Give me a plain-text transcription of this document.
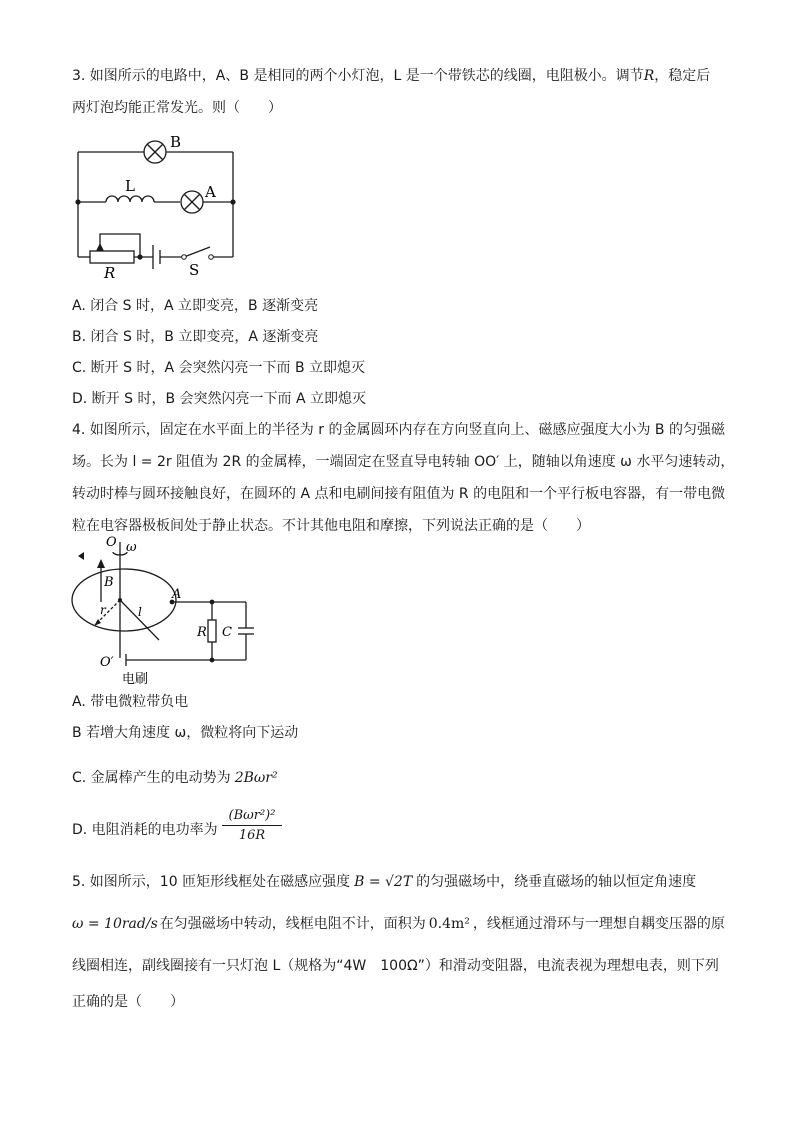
3. 如图所示的电路中，A、B 是相同的两个小灯泡，L 是一个带铁芯的线圈，电阻极小。调节R，稳定后
两灯泡均能正常发光。则（　　）
B
L	A
R	S
A. 闭合 S 时，A 立即变亮，B 逐渐变亮
B. 闭合 S 时，B 立即变亮，A 逐渐变亮
C. 断开 S 时，A 会突然闪亮一下而 B 立即熄灭
D. 断开 S 时，B 会突然闪亮一下而 A 立即熄灭
4. 如图所示，固定在水平面上的半径为 r 的金属圆环内存在方向竖直向上、磁感应强度大小为 B 的匀强磁
场。长为 l = 2r 阻值为 2R 的金属棒，一端固定在竖直导电转轴 OO′ 上，随轴以角速度 ω 水平匀速转动，
转动时棒与圆环接触良好，在圆环的 A 点和电刷间接有阻值为 R 的电阻和一个平行板电容器，有一带电微
粒在电容器极板间处于静止状态。不计其他电阻和摩擦，下列说法正确的是（　　）
O ω
B
r	l
A
R C
O′
电刷
A. 带电微粒带负电
B 若增大角速度 ω，微粒将向下运动
C. 金属棒产生的电动势为 2Bωr²
D. 电阻消耗的电功率为
(Bωr²)²
16R
5. 如图所示，10 匝矩形线框处在磁感应强度 B = √2T 的匀强磁场中，绕垂直磁场的轴以恒定角速度
ω = 10rad/s 在匀强磁场中转动，线框电阻不计，面积为 0.4m² ，线框通过滑环与一理想自耦变压器的原
线圈相连，副线圈接有一只灯泡 L（规格为“4W　100Ω”）和滑动变阻器，电流表视为理想电表，则下列
正确的是（　　）
